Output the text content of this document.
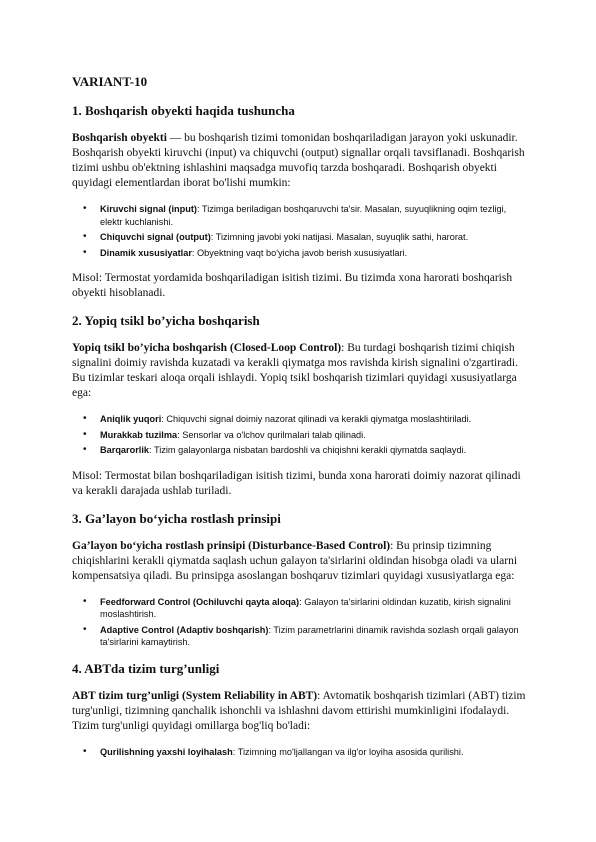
VARIANT-10
1. Boshqarish obyekti haqida tushuncha
Boshqarish obyekti — bu boshqarish tizimi tomonidan boshqariladigan jarayon yoki uskunadir. Boshqarish obyekti kiruvchi (input) va chiquvchi (output) signallar orqali tavsiflanadi. Boshqarish tizimi ushbu ob'ektning ishlashini maqsadga muvofiq tarzda boshqaradi. Boshqarish obyekti quyidagi elementlardan iborat bo'lishi mumkin:
• Kiruvchi signal (input): Tizimga beriladigan boshqaruvchi ta'sir. Masalan, suyuqlikning oqim tezligi, elektr kuchlanishi.
• Chiquvchi signal (output): Tizimning javobi yoki natijasi. Masalan, suyuqlik sathi, harorat.
• Dinamik xususiyatlar: Obyektning vaqt bo'yicha javob berish xususiyatlari.
Misol: Termostat yordamida boshqariladigan isitish tizimi. Bu tizimda xona harorati boshqarish obyekti hisoblanadi.
2. Yopiq tsikl bo’yicha boshqarish
Yopiq tsikl bo’yicha boshqarish (Closed-Loop Control): Bu turdagi boshqarish tizimi chiqish signalini doimiy ravishda kuzatadi va kerakli qiymatga mos ravishda kirish signalini o'zgartiradi. Bu tizimlar teskari aloqa orqali ishlaydi. Yopiq tsikl boshqarish tizimlari quyidagi xususiyatlarga ega:
• Aniqlik yuqori: Chiquvchi signal doimiy nazorat qilinadi va kerakli qiymatga moslashtiriladi.
• Murakkab tuzilma: Sensorlar va o'lchov qurilmalari talab qilinadi.
• Barqarorlik: Tizim galayonlarga nisbatan bardoshli va chiqishni kerakli qiymatda saqlaydi.
Misol: Termostat bilan boshqariladigan isitish tizimi, bunda xona harorati doimiy nazorat qilinadi va kerakli darajada ushlab turiladi.
3. Ga’layon bo‘yicha rostlash prinsipi
Ga’layon bo‘yicha rostlash prinsipi (Disturbance-Based Control): Bu prinsip tizimning chiqishlarini kerakli qiymatda saqlash uchun galayon ta'sirlarini oldindan hisobga oladi va ularni kompensatsiya qiladi. Bu prinsipga asoslangan boshqaruv tizimlari quyidagi xususiyatlarga ega:
• Feedforward Control (Ochiluvchi qayta aloqa): Galayon ta'sirlarini oldindan kuzatib, kirish signalini moslashtirish.
• Adaptive Control (Adaptiv boshqarish): Tizim parametrlarini dinamik ravishda sozlash orqali galayon ta'sirlarini kamaytirish.
4. ABTda tizim turg’unligi
ABT tizim turg’unligi (System Reliability in ABT): Avtomatik boshqarish tizimlari (ABT) tizim turg'unligi, tizimning qanchalik ishonchli va ishlashni davom ettirishi mumkinligini ifodalaydi. Tizim turg'unligi quyidagi omillarga bog'liq bo'ladi:
• Qurilishning yaxshi loyihalash: Tizimning mo'ljallangan va ilg'or loyiha asosida qurilishi.
